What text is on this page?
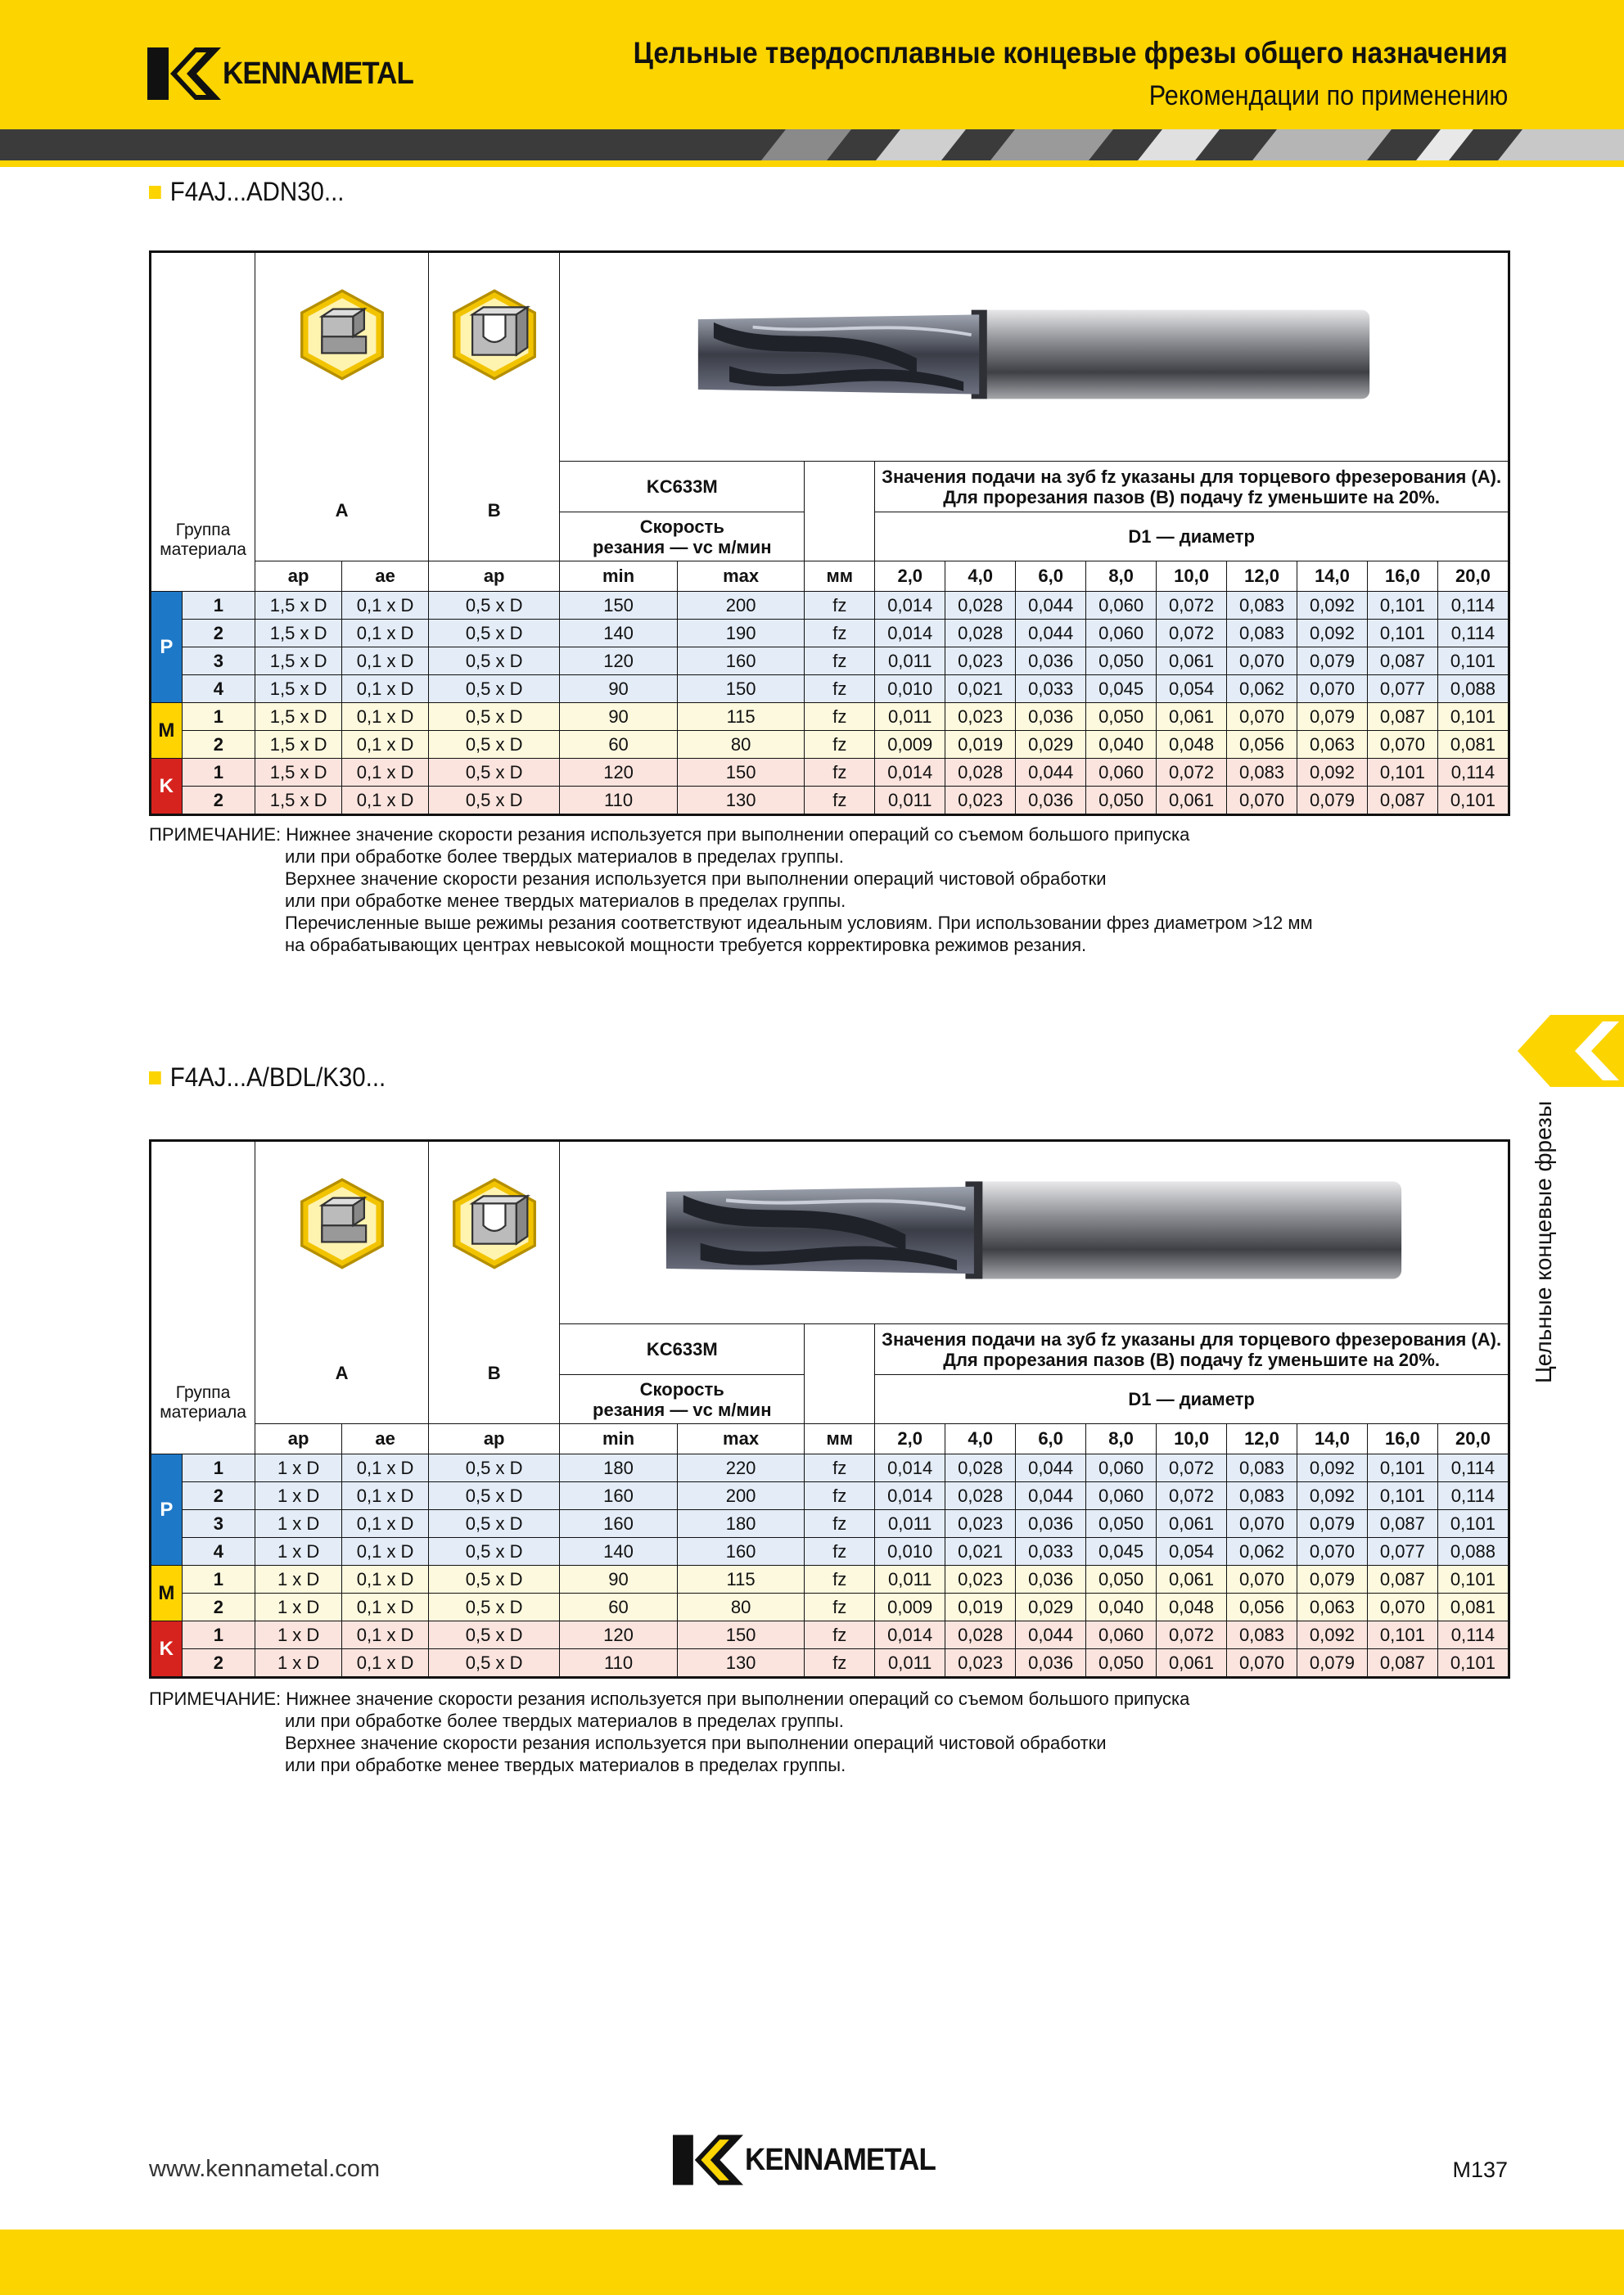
KENNAMETAL
Цельные твердосплавные концевые фрезы общего назначения
Рекомендации по применению
F4AJ...ADN30...
Группа
материала			
		A		B	KC633M			Значения подачи на зуб fz указаны для торцевого фрезерования (A).
Для прорезания пазов (B) подачу fz уменьшите на 20%.								
					Скорость
резания — vc м/мин			D1 — диаметр								
		ap	ae	ap	min	max	мм	2,0	4,0	6,0	8,0	10,0	12,0	14,0	16,0	20,0
P	1	1,5 x D	0,1 x D	0,5 x D	150	200	fz	0,014	0,028	0,044	0,060	0,072	0,083	0,092	0,101	0,114
	2	1,5 x D	0,1 x D	0,5 x D	140	190	fz	0,014	0,028	0,044	0,060	0,072	0,083	0,092	0,101	0,114
	3	1,5 x D	0,1 x D	0,5 x D	120	160	fz	0,011	0,023	0,036	0,050	0,061	0,070	0,079	0,087	0,101
	4	1,5 x D	0,1 x D	0,5 x D	90	150	fz	0,010	0,021	0,033	0,045	0,054	0,062	0,070	0,077	0,088
M	1	1,5 x D	0,1 x D	0,5 x D	90	115	fz	0,011	0,023	0,036	0,050	0,061	0,070	0,079	0,087	0,101
	2	1,5 x D	0,1 x D	0,5 x D	60	80	fz	0,009	0,019	0,029	0,040	0,048	0,056	0,063	0,070	0,081
K	1	1,5 x D	0,1 x D	0,5 x D	120	150	fz	0,014	0,028	0,044	0,060	0,072	0,083	0,092	0,101	0,114
	2	1,5 x D	0,1 x D	0,5 x D	110	130	fz	0,011	0,023	0,036	0,050	0,061	0,070	0,079	0,087	0,101
ПРИМЕЧАНИЕ: Нижнее значение скорости резания используется при выполнении операций со съемом большого припуска
или при обработке более твердых материалов в пределах группы.
Верхнее значение скорости резания используется при выполнении операций чистовой обработки
или при обработке менее твердых материалов в пределах группы.
Перечисленные выше режимы резания соответствуют идеальным условиям. При использовании фрез диаметром >12 мм
на обрабатывающих центрах невысокой мощности требуется корректировка режимов резания.
F4AJ...A/BDL/K30...
Группа
материала			
		A		B	KC633M			Значения подачи на зуб fz указаны для торцевого фрезерования (A).
Для прорезания пазов (B) подачу fz уменьшите на 20%.								
					Скорость
резания — vc м/мин			D1 — диаметр								
		ap	ae	ap	min	max	мм	2,0	4,0	6,0	8,0	10,0	12,0	14,0	16,0	20,0
P	1	1 x D	0,1 x D	0,5 x D	180	220	fz	0,014	0,028	0,044	0,060	0,072	0,083	0,092	0,101	0,114
	2	1 x D	0,1 x D	0,5 x D	160	200	fz	0,014	0,028	0,044	0,060	0,072	0,083	0,092	0,101	0,114
	3	1 x D	0,1 x D	0,5 x D	160	180	fz	0,011	0,023	0,036	0,050	0,061	0,070	0,079	0,087	0,101
	4	1 x D	0,1 x D	0,5 x D	140	160	fz	0,010	0,021	0,033	0,045	0,054	0,062	0,070	0,077	0,088
M	1	1 x D	0,1 x D	0,5 x D	90	115	fz	0,011	0,023	0,036	0,050	0,061	0,070	0,079	0,087	0,101
	2	1 x D	0,1 x D	0,5 x D	60	80	fz	0,009	0,019	0,029	0,040	0,048	0,056	0,063	0,070	0,081
K	1	1 x D	0,1 x D	0,5 x D	120	150	fz	0,014	0,028	0,044	0,060	0,072	0,083	0,092	0,101	0,114
	2	1 x D	0,1 x D	0,5 x D	110	130	fz	0,011	0,023	0,036	0,050	0,061	0,070	0,079	0,087	0,101
ПРИМЕЧАНИЕ: Нижнее значение скорости резания используется при выполнении операций со съемом большого припуска
или при обработке более твердых материалов в пределах группы.
Верхнее значение скорости резания используется при выполнении операций чистовой обработки
или при обработке менее твердых материалов в пределах группы.
Цельные концевые фрезы
www.kennametal.com	KENNAMETAL	M137
